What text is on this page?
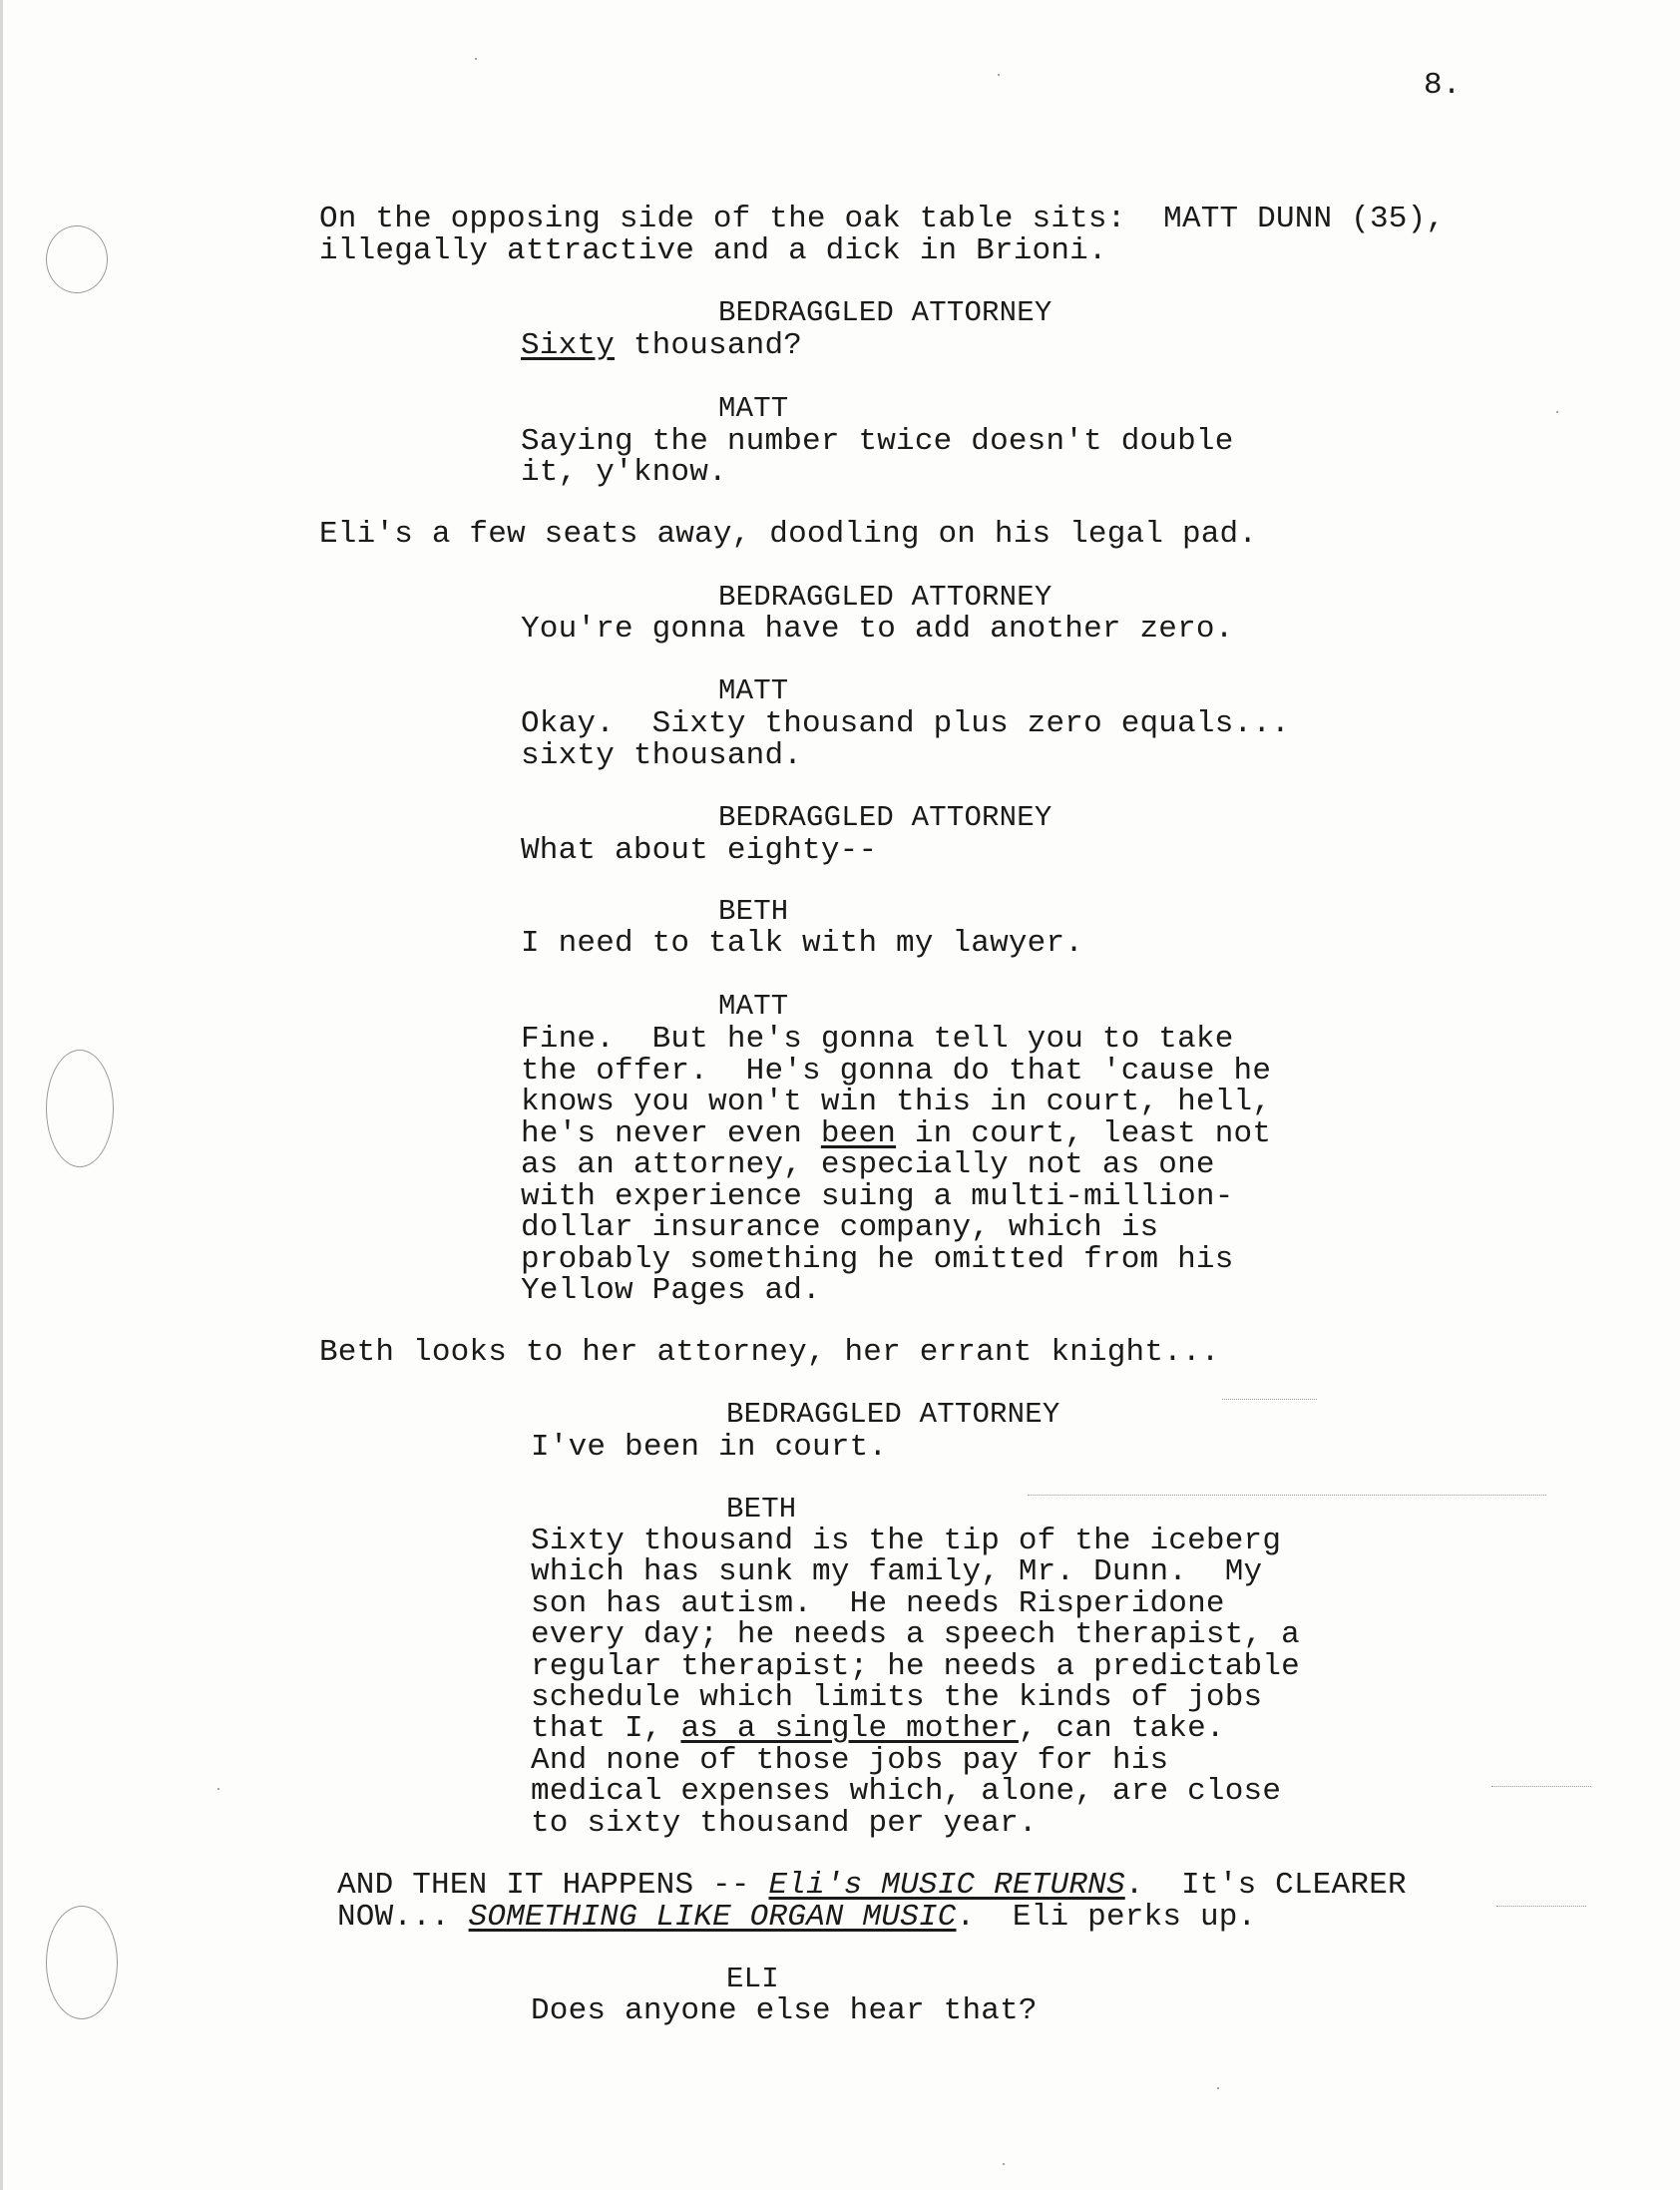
8.
On the opposing side of the oak table sits:  MATT DUNN (35),
illegally attractive and a dick in Brioni.
BEDRAGGLED ATTORNEY
Sixty thousand?
MATT
Saying the number twice doesn't double
it, y'know.
Eli's a few seats away, doodling on his legal pad.
BEDRAGGLED ATTORNEY
You're gonna have to add another zero.
MATT
Okay.  Sixty thousand plus zero equals...
sixty thousand.
BEDRAGGLED ATTORNEY
What about eighty--
BETH
I need to talk with my lawyer.
MATT
Fine.  But he's gonna tell you to take
the offer.  He's gonna do that 'cause he
knows you won't win this in court, hell,
he's never even been in court, least not
as an attorney, especially not as one
with experience suing a multi-million-
dollar insurance company, which is
probably something he omitted from his
Yellow Pages ad.
Beth looks to her attorney, her errant knight...
BEDRAGGLED ATTORNEY
I've been in court.
BETH
Sixty thousand is the tip of the iceberg
which has sunk my family, Mr. Dunn.  My
son has autism.  He needs Risperidone
every day; he needs a speech therapist, a
regular therapist; he needs a predictable
schedule which limits the kinds of jobs
that I, as a single mother, can take.
And none of those jobs pay for his
medical expenses which, alone, are close
to sixty thousand per year.
AND THEN IT HAPPENS -- Eli's MUSIC RETURNS.  It's CLEARER
NOW... SOMETHING LIKE ORGAN MUSIC.  Eli perks up.
ELI
Does anyone else hear that?
